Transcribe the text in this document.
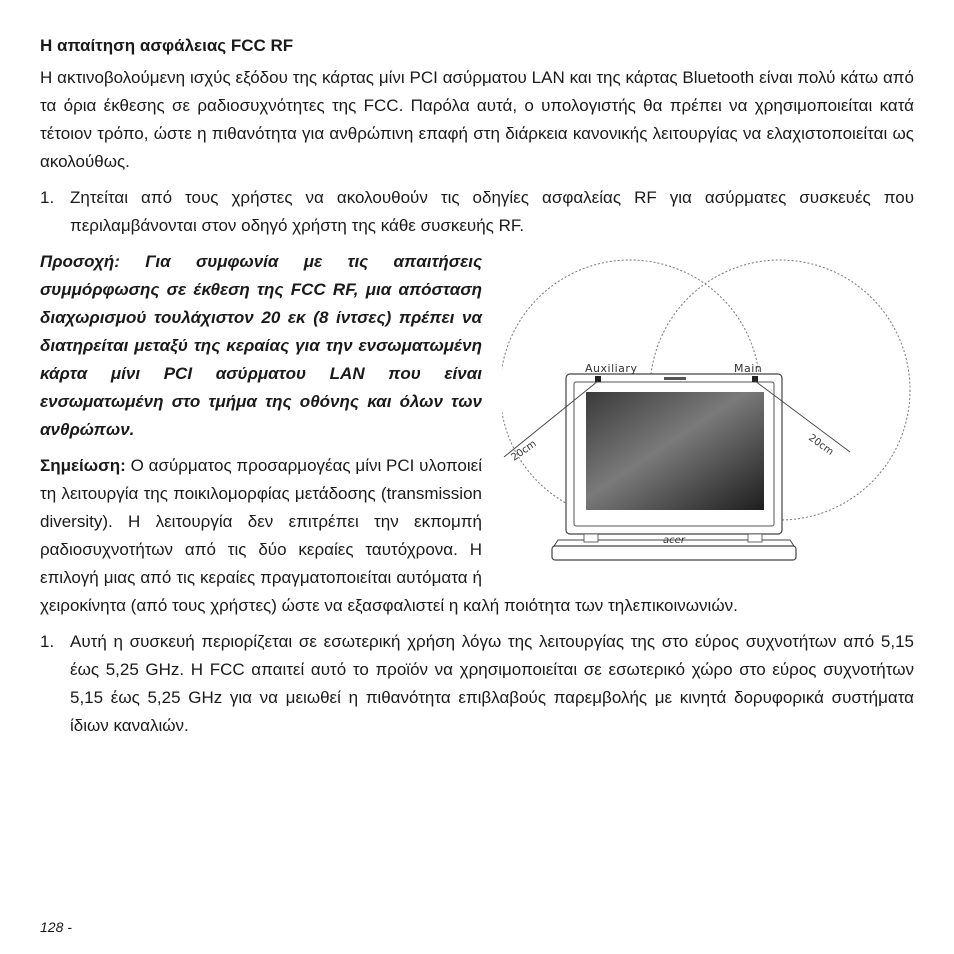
Η απαίτηση ασφάλειας FCC RF

Η ακτινοβολούμενη ισχύς εξόδου της κάρτας μίνι PCI ασύρματου LAN και της κάρτας Bluetooth είναι πολύ κάτω από τα όρια έκθεσης σε ραδιοσυχνότητες της FCC. Παρόλα αυτά, ο υπολογιστής θα πρέπει να χρησιμοποιείται κατά τέτοιον τρόπο, ώστε η πιθανότητα για ανθρώπινη επαφή στη διάρκεια κανονικής λειτουργίας να ελαχιστοποιείται ως ακολούθως.

1. Ζητείται από τους χρήστες να ακολουθούν τις οδηγίες ασφαλείας RF για ασύρματες συσκευές που περιλαμβάνονται στον οδηγό χρήστη της κάθε συσκευής RF.

acer
Auxiliary	Main
20cm	20cm

Προσοχή: Για συμφωνία με τις απαιτήσεις συμμόρφωσης σε έκθεση της FCC RF, μια απόσταση διαχωρισμού τουλάχιστον 20 εκ (8 ίντσες) πρέπει να διατηρείται μεταξύ της κεραίας για την ενσωματωμένη κάρτα μίνι PCI ασύρματου LAN που είναι ενσωματωμένη στο τμήμα της οθόνης και όλων των ανθρώπων.

Σημείωση: Ο ασύρματος προσαρμογέας μίνι PCI υλοποιεί τη λειτουργία της ποικιλομορφίας μετάδοσης (transmission diversity). Η λειτουργία δεν επιτρέπει την εκπομπή ραδιοσυχνοτήτων από τις δύο κεραίες ταυτόχρονα. Η επιλογή μιας από τις κεραίες πραγματοποιείται αυτόματα ή χειροκίνητα (από τους χρήστες) ώστε να εξασφαλιστεί η καλή ποιότητα των τηλεπικοινωνιών.

1. Αυτή η συσκευή περιορίζεται σε εσωτερική χρήση λόγω της λειτουργίας της στο εύρος συχνοτήτων από 5,15 έως 5,25 GHz. Η FCC απαιτεί αυτό το προϊόν να χρησιμοποιείται σε εσωτερικό χώρο στο εύρος συχνοτήτων 5,15 έως 5,25 GHz για να μειωθεί η πιθανότητα επιβλαβούς παρεμβολής με κινητά δορυφορικά συστήματα ίδιων καναλιών.

128 -
